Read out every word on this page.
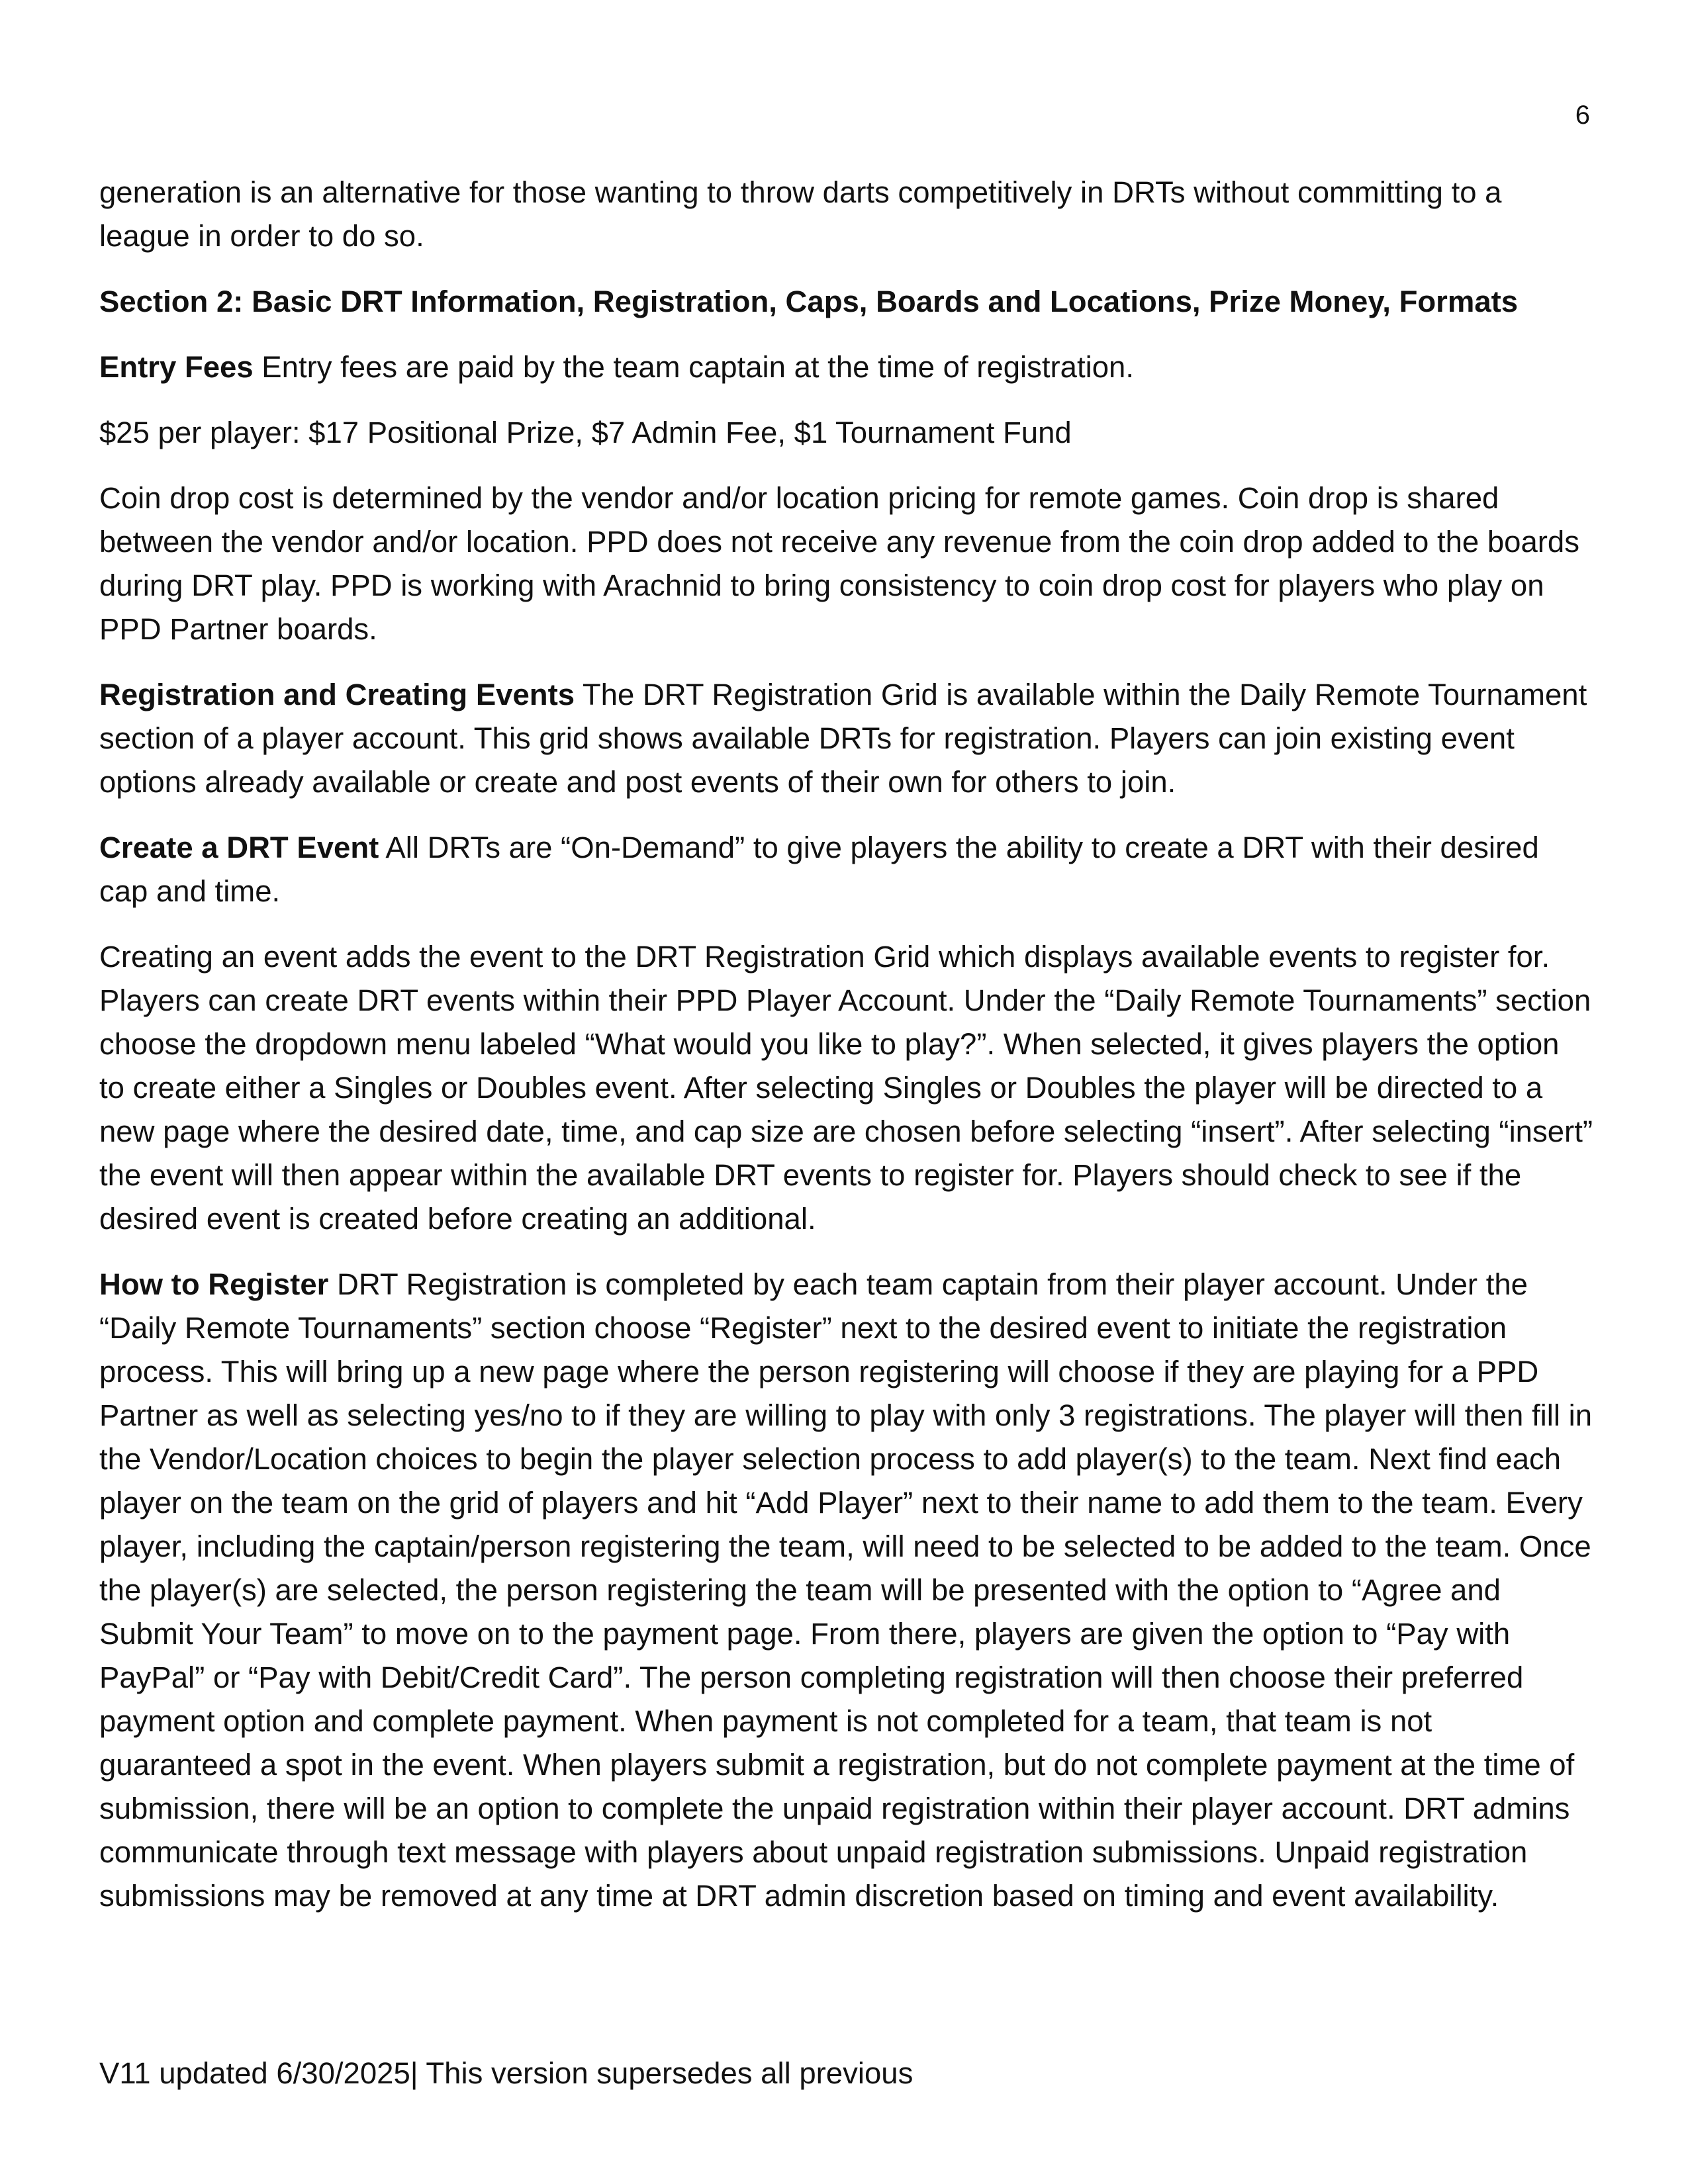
6

generation is an alternative for those wanting to throw darts competitively in DRTs without committing to a league in order to do so.

Section 2: Basic DRT Information, Registration, Caps, Boards and Locations, Prize Money, Formats

Entry Fees Entry fees are paid by the team captain at the time of registration.

$25 per player: $17 Positional Prize, $7 Admin Fee, $1 Tournament Fund

Coin drop cost is determined by the vendor and/or location pricing for remote games. Coin drop is shared between the vendor and/or location. PPD does not receive any revenue from the coin drop added to the boards during DRT play. PPD is working with Arachnid to bring consistency to coin drop cost for players who play on PPD Partner boards.

Registration and Creating Events The DRT Registration Grid is available within the Daily Remote Tournament section of a player account. This grid shows available DRTs for registration. Players can join existing event options already available or create and post events of their own for others to join.

Create a DRT Event All DRTs are “On-Demand” to give players the ability to create a DRT with their desired cap and time.

Creating an event adds the event to the DRT Registration Grid which displays available events to register for. Players can create DRT events within their PPD Player Account. Under the “Daily Remote Tournaments” section choose the dropdown menu labeled “What would you like to play?”. When selected, it gives players the option to create either a Singles or Doubles event. After selecting Singles or Doubles the player will be directed to a new page where the desired date, time, and cap size are chosen before selecting “insert”. After selecting “insert” the event will then appear within the available DRT events to register for. Players should check to see if the desired event is created before creating an additional.

How to Register DRT Registration is completed by each team captain from their player account. Under the “Daily Remote Tournaments” section choose “Register” next to the desired event to initiate the registration process. This will bring up a new page where the person registering will choose if they are playing for a PPD Partner as well as selecting yes/no to if they are willing to play with only 3 registrations. The player will then fill in the Vendor/Location choices to begin the player selection process to add player(s) to the team. Next find each player on the team on the grid of players and hit “Add Player” next to their name to add them to the team. Every player, including the captain/person registering the team, will need to be selected to be added to the team. Once the player(s) are selected, the person registering the team will be presented with the option to “Agree and Submit Your Team” to move on to the payment page. From there, players are given the option to “Pay with PayPal” or “Pay with Debit/Credit Card”. The person completing registration will then choose their preferred payment option and complete payment. When payment is not completed for a team, that team is not guaranteed a spot in the event. When players submit a registration, but do not complete payment at the time of submission, there will be an option to complete the unpaid registration within their player account. DRT admins communicate through text message with players about unpaid registration submissions. Unpaid registration submissions may be removed at any time at DRT admin discretion based on timing and event availability.

V11 updated 6/30/2025| This version supersedes all previous
